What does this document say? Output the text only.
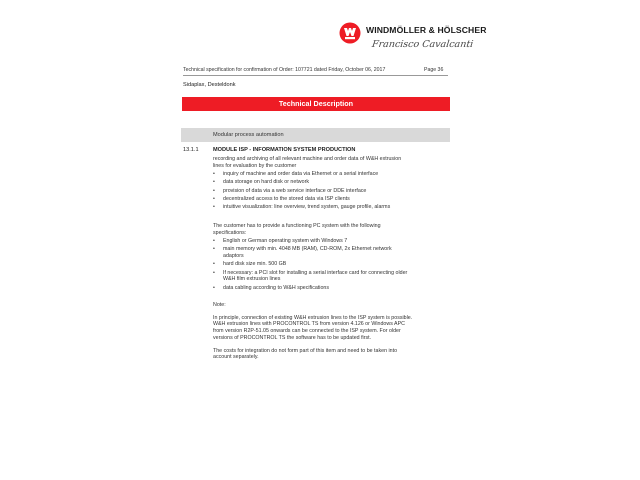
WINDMÖLLER & HÖLSCHER
Francisco Cavalcanti
Technical specification for confirmation of Order: 107721 dated Friday, October 06, 2017	Page 36
Sidaplax, Desteldonk
Technical Description
Modular process automation
13.1.1	MODULE ISP - INFORMATION SYSTEM PRODUCTION

recording and archiving of all relevant machine and order data of W&H extrusion lines for evaluation by the customer

• inquiry of machine and order data via Ethernet or a serial interface
• data storage on hard disk or network
• provision of data via a web service interface or DDE interface
• decentralized access to the stored data via ISP clients
• intuitive visualization: line overview, trend system, gauge profile, alarms

The customer has to provide a functioning PC system with the following specifications:

• English or German operating system with Windows 7
• main memory with min. 4048 MB (RAM), CD-ROM, 2x Ethernet network adaptors
• hard disk size min. 500 GB
• If necessary: a PCI slot for installing a serial interface card for connecting older W&H film extrusion lines
• data cabling according to W&H specifications

Note:

In principle, connection of existing W&H extrusion lines to the ISP system is possible. W&H extrusion lines with PROCONTROL TS from version 4.126 or Windows APC from version R2P-51.05 onwards can be connected to the ISP system. For older versions of PROCONTROL TS the software has to be updated first.

The costs for integration do not form part of this item and need to be taken into account separately.
